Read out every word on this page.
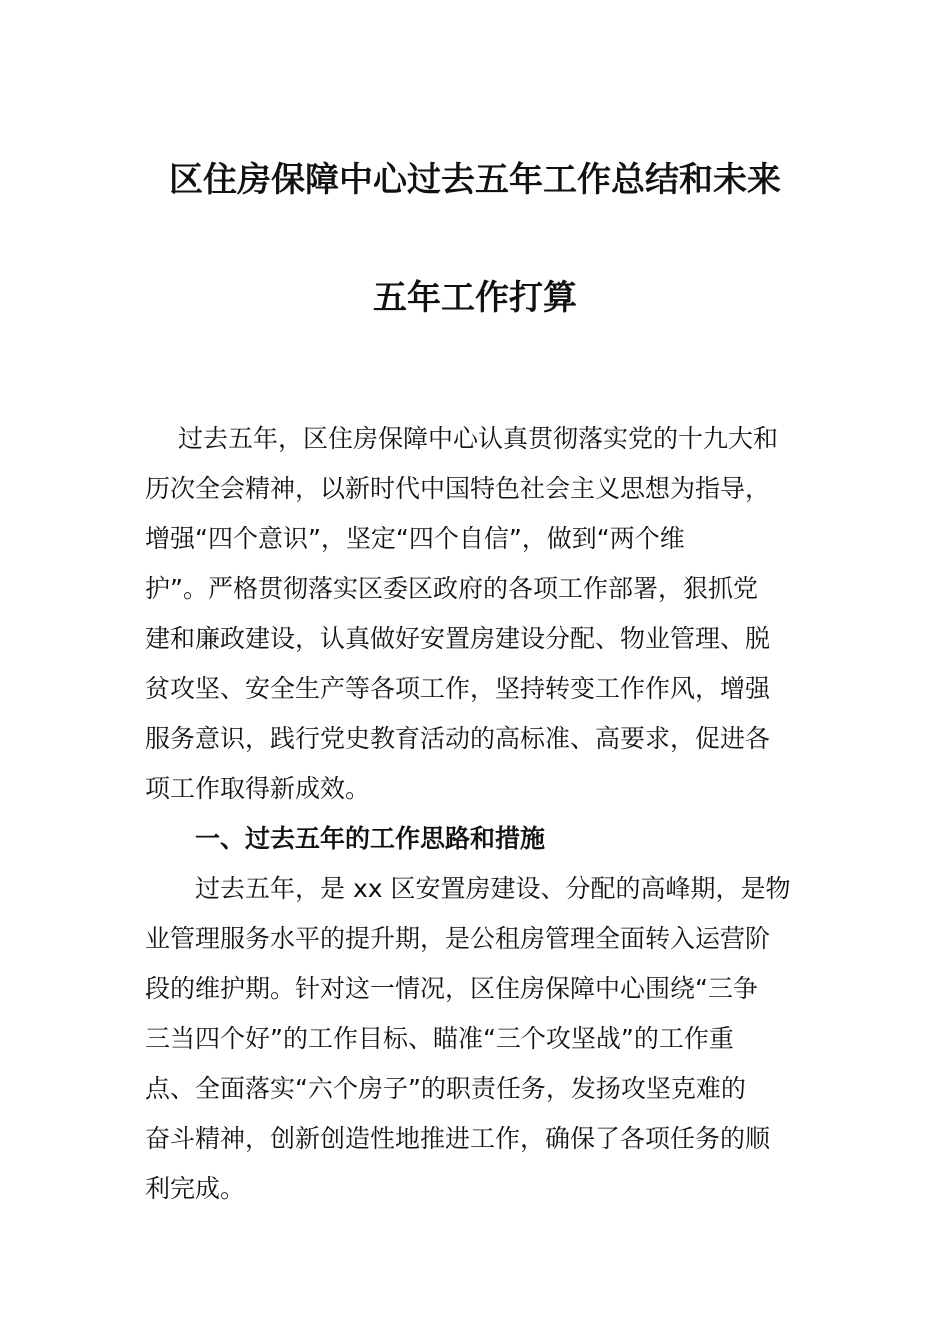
区住房保障中心过去五年工作总结和未来
五年工作打算
过去五年，区住房保障中心认真贯彻落实党的十九大和
历次全会精神，以新时代中国特色社会主义思想为指导，
增强“四个意识”，坚定“四个自信”，做到“两个维
护”。严格贯彻落实区委区政府的各项工作部署，狠抓党
建和廉政建设，认真做好安置房建设分配、物业管理、脱
贫攻坚、安全生产等各项工作，坚持转变工作作风，增强
服务意识，践行党史教育活动的高标准、高要求，促进各
项工作取得新成效。
一、过去五年的工作思路和措施
过去五年，是 xx 区安置房建设、分配的高峰期，是物
业管理服务水平的提升期，是公租房管理全面转入运营阶
段的维护期。针对这一情况，区住房保障中心围绕“三争
三当四个好”的工作目标、瞄准“三个攻坚战”的工作重
点、全面落实“六个房子”的职责任务，发扬攻坚克难的
奋斗精神，创新创造性地推进工作，确保了各项任务的顺
利完成。
